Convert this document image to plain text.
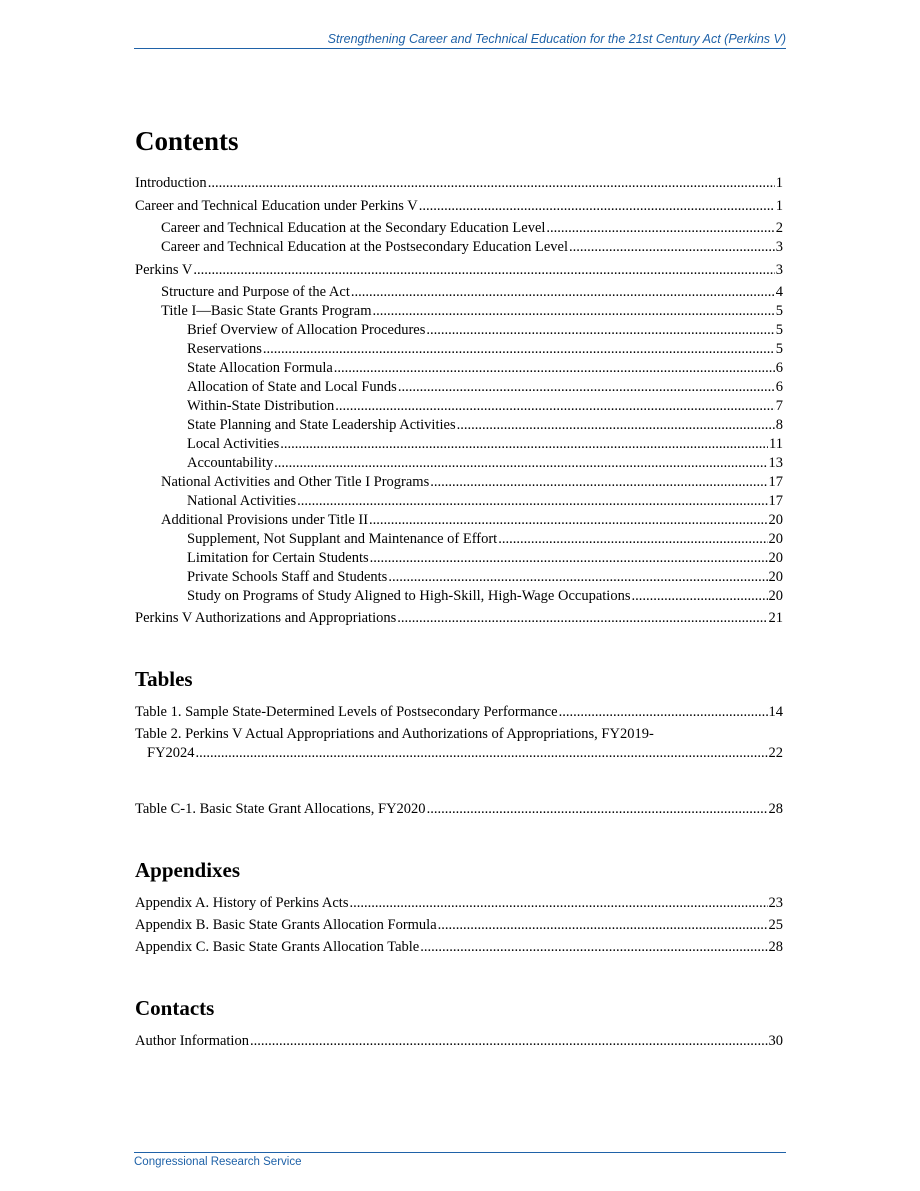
Strengthening Career and Technical Education for the 21st Century Act (Perkins V)
Contents
Introduction .....	1
Career and Technical Education under Perkins V .....	1
Career and Technical Education at the Secondary Education Level .....	2
Career and Technical Education at the Postsecondary Education Level .....	3
Perkins V .....	3
Structure and Purpose of the Act .....	4
Title I—Basic State Grants Program .....	5
Brief Overview of Allocation Procedures .....	5
Reservations .....	5
State Allocation Formula .....	6
Allocation of State and Local Funds .....	6
Within-State Distribution .....	7
State Planning and State Leadership Activities .....	8
Local Activities .....	11
Accountability .....	13
National Activities and Other Title I Programs .....	17
National Activities .....	17
Additional Provisions under Title II .....	20
Supplement, Not Supplant and Maintenance of Effort .....	20
Limitation for Certain Students .....	20
Private Schools Staff and Students .....	20
Study on Programs of Study Aligned to High-Skill, High-Wage Occupations .....	20
Perkins V Authorizations and Appropriations .....	21
Tables
Table 1. Sample State-Determined Levels of Postsecondary Performance .....	14
Table 2. Perkins V Actual Appropriations and Authorizations of Appropriations, FY2019-
FY2024 .....	22
Table C-1. Basic State Grant Allocations, FY2020 .....	28
Appendixes
Appendix A. History of Perkins Acts .....	23
Appendix B. Basic State Grants Allocation Formula .....	25
Appendix C. Basic State Grants Allocation Table .....	28
Contacts
Author Information .....	30
Congressional Research Service
